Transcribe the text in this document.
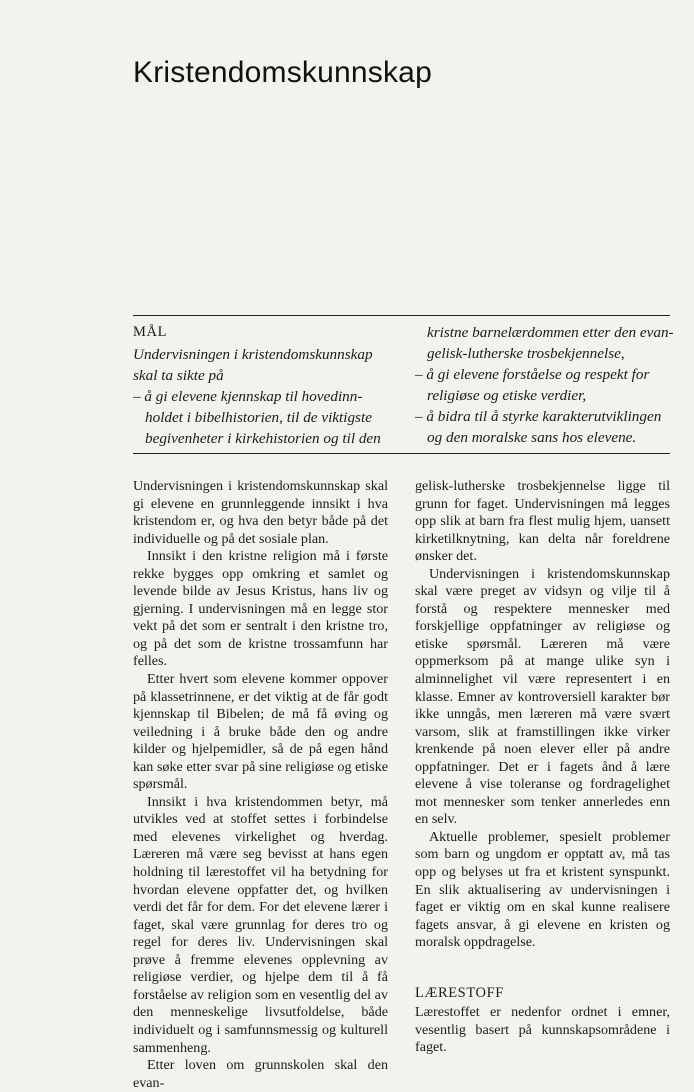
Kristendomskunnskap
MÅL
Undervisningen i kristendomskunnskap
skal ta sikte på
– å gi elevene kjennskap til hovedinn-
holdet i bibelhistorien, til de viktigste
begivenheter i kirkehistorien og til den
kristne barnelærdommen etter den evan-
gelisk-lutherske trosbekjennelse,
– å gi elevene forståelse og respekt for
religiøse og etiske verdier,
– å bidra til å styrke karakterutviklingen
og den moralske sans hos elevene.

Undervisningen i kristendomskunnskap skal gi elevene en grunnleggende innsikt i hva kristendom er, og hva den betyr både på det individuelle og på det sosiale plan.

Innsikt i den kristne religion må i første rekke bygges opp omkring et samlet og levende bilde av Jesus Kristus, hans liv og gjerning. I undervisningen må en legge stor vekt på det som er sentralt i den kristne tro, og på det som de kristne trossamfunn har felles.

Etter hvert som elevene kommer oppover på klassetrinnene, er det viktig at de får godt kjennskap til Bibelen; de må få øving og veiledning i å bruke både den og andre kilder og hjelpemidler, så de på egen hånd kan søke etter svar på sine religiøse og etiske spørsmål.

Innsikt i hva kristendommen betyr, må utvikles ved at stoffet settes i forbindelse med elevenes virkelighet og hverdag. Læreren må være seg bevisst at hans egen holdning til lærestoffet vil ha betydning for hvordan elevene oppfatter det, og hvilken verdi det får for dem. For det elevene lærer i faget, skal være grunnlag for deres tro og regel for deres liv. Undervisningen skal prøve å fremme elevenes opplevning av religiøse verdier, og hjelpe dem til å få forståelse av religion som en vesentlig del av den menneskelige livsutfoldelse, både individuelt og i samfunnsmessig og kulturell sammenheng.

Etter loven om grunnskolen skal den evan-

gelisk-lutherske trosbekjennelse ligge til grunn for faget. Undervisningen må legges opp slik at barn fra flest mulig hjem, uansett kirketilknytning, kan delta når foreldrene ønsker det.

Undervisningen i kristendomskunnskap skal være preget av vidsyn og vilje til å forstå og respektere mennesker med forskjellige oppfatninger av religiøse og etiske spørsmål. Læreren må være oppmerksom på at mange ulike syn i alminnelighet vil være representert i en klasse. Emner av kontroversiell karakter bør ikke unngås, men læreren må være svært varsom, slik at framstillingen ikke virker krenkende på noen elever eller på andre oppfatninger. Det er i fagets ånd å lære elevene å vise toleranse og fordragelighet mot mennesker som tenker annerledes enn en selv.

Aktuelle problemer, spesielt problemer som barn og ungdom er opptatt av, må tas opp og belyses ut fra et kristent synspunkt. En slik aktualisering av undervisningen i faget er viktig om en skal kunne realisere fagets ansvar, å gi elevene en kristen og moralsk oppdragelse.

LÆRESTOFF

Lærestoffet er nedenfor ordnet i emner, vesentlig basert på kunnskapsområdene i faget.
